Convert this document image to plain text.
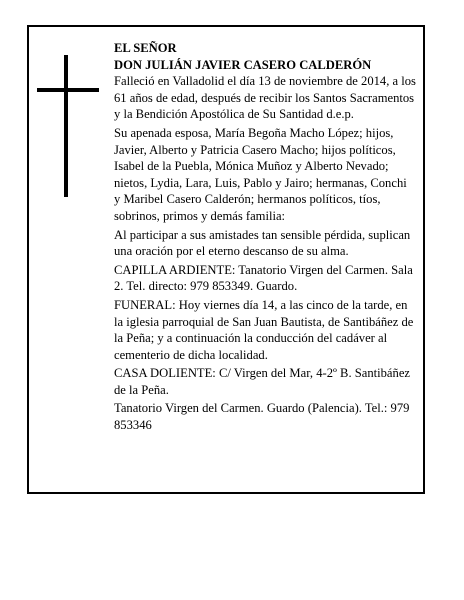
EL SEÑOR

DON JULIÁN JAVIER CASERO CALDERÓN

Falleció en Valladolid el día 13 de noviembre de 2014, a los 61 años de edad, después de recibir los Santos Sacramentos y la Bendición Apostólica de Su Santidad d.e.p.

Su apenada esposa, María Begoña Macho López; hijos, Javier, Alberto y Patricia Casero Macho; hijos políticos, Isabel de la Puebla, Mónica Muñoz y Alberto Nevado; nietos, Lydia, Lara, Luis, Pablo y Jairo; hermanas, Conchi y Maribel Casero Calderón; hermanos políticos, tíos, sobrinos, primos y demás familia:

Al participar a sus amistades tan sensible pérdida, suplican una oración por el eterno descanso de su alma.

CAPILLA ARDIENTE: Tanatorio Virgen del Carmen. Sala 2. Tel. directo: 979 853349. Guardo.

FUNERAL: Hoy viernes día 14, a las cinco de la tarde, en la iglesia parroquial de San Juan Bautista, de Santibáñez de la Peña; y a continuación la conducción del cadáver al cementerio de dicha localidad.

CASA DOLIENTE: C/ Virgen del Mar, 4-2º B. Santibáñez de la Peña.

Tanatorio Virgen del Carmen. Guardo (Palencia). Tel.: 979 853346
